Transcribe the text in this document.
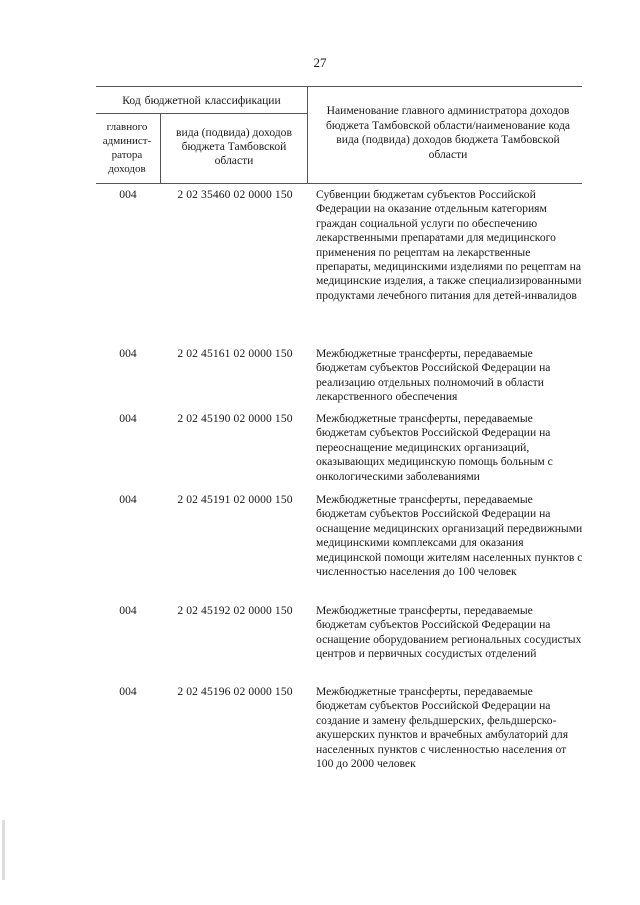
27
Код бюджетной классификации
главного админист-ратора доходов
вида (подвида) доходов бюджета Тамбовской области
Наименование главного администратора доходов бюджета Тамбовской области/наименование кода вида (подвида) доходов бюджета Тамбовской области
004	2 02 35460 02 0000 150	Субвенции бюджетам субъектов Российской Федерации на оказание отдельным категориям граждан социальной услуги по обеспечению лекарственными препаратами для медицинского применения по рецептам на лекарственные препараты, медицинскими изделиями по рецептам на медицинские изделия, а также специализированными продуктами лечебного питания для детей-инвалидов
004	2 02 45161 02 0000 150	Межбюджетные трансферты, передаваемые бюджетам субъектов Российской Федерации на реализацию отдельных полномочий в области лекарственного обеспечения
004	2 02 45190 02 0000 150	Межбюджетные трансферты, передаваемые бюджетам субъектов Российской Федерации на переоснащение медицинских организаций, оказывающих медицинскую помощь больным с онкологическими заболеваниями
004	2 02 45191 02 0000 150	Межбюджетные трансферты, передаваемые бюджетам субъектов Российской Федерации на оснащение медицинских организаций передвижными медицинскими комплексами для оказания медицинской помощи жителям населенных пунктов с численностью населения до 100 человек
004	2 02 45192 02 0000 150	Межбюджетные трансферты, передаваемые бюджетам субъектов Российской Федерации на оснащение оборудованием региональных сосудистых центров и первичных сосудистых отделений
004	2 02 45196 02 0000 150	Межбюджетные трансферты, передаваемые бюджетам субъектов Российской Федерации на создание и замену фельдшерских, фельдшерско-акушерских пунктов и врачебных амбулаторий для населенных пунктов с численностью населения от 100 до 2000 человек
